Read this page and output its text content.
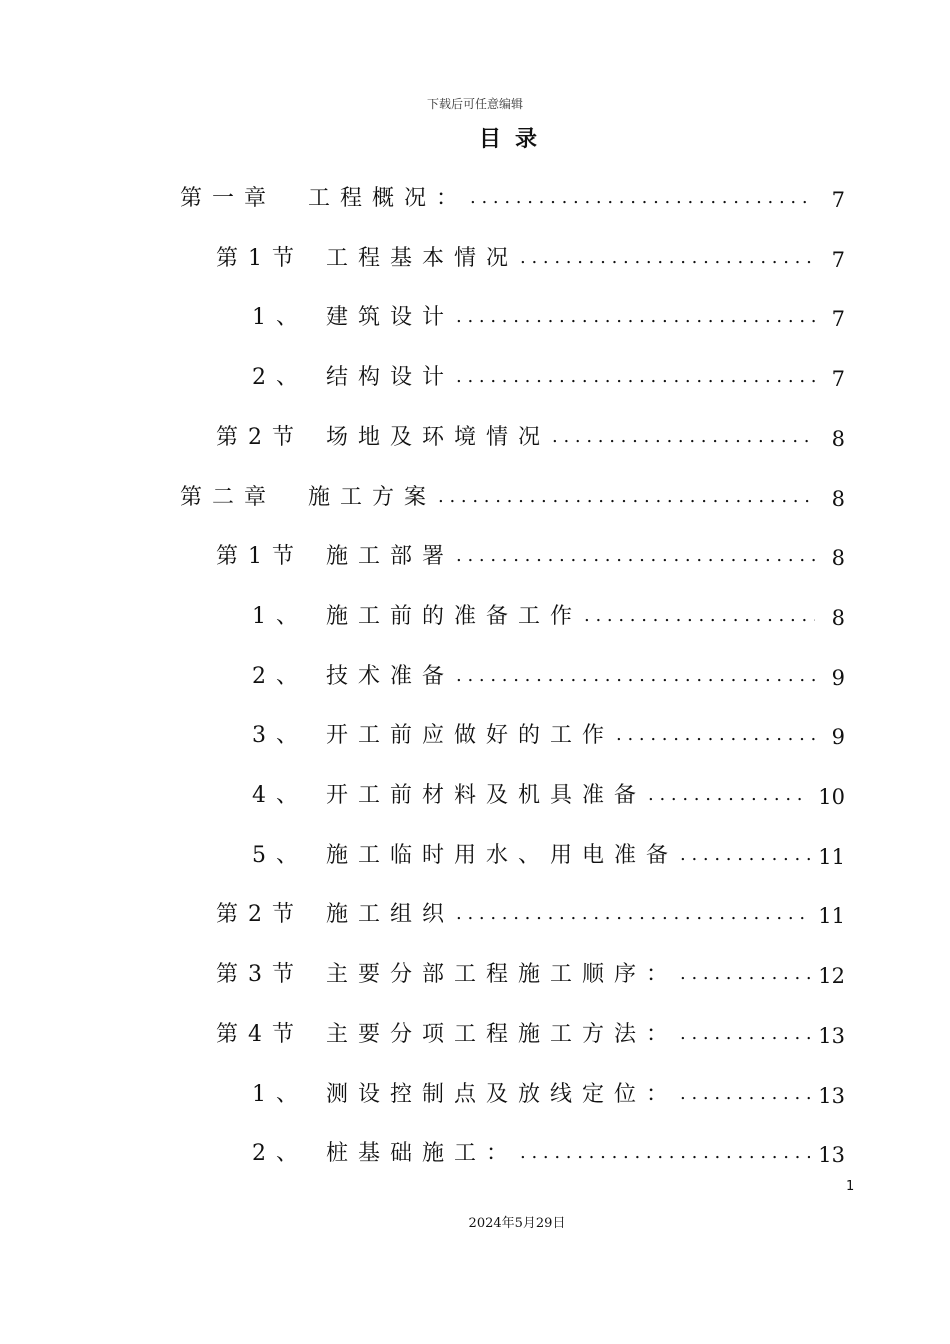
下载后可任意编辑
目录
第一章	工程概况： . . .	7
第1节	工程基本情况 . . .	7
1、 建筑设计 . . .	7
2、 结构设计 . . .	7
第2节	场地及环境情况 . . .	8
第二章	施工方案 . . .	8
第1节	施工部署 . . .	8
1、 施工前的准备工作 . . .	8
2、 技术准备 . . .	9
3、 开工前应做好的工作 . . .	9
4、 开工前材料及机具准备 . . .	10
5、 施工临时用水、用电准备 . . .	11
第2节	施工组织 . . .	11
第3节	主要分部工程施工顺序： . . .	12
第4节	主要分项工程施工方法： . . .	13
1、 测设控制点及放线定位： . . .	13
2、 桩基础施工： . . .	13
1
2024年5月29日
